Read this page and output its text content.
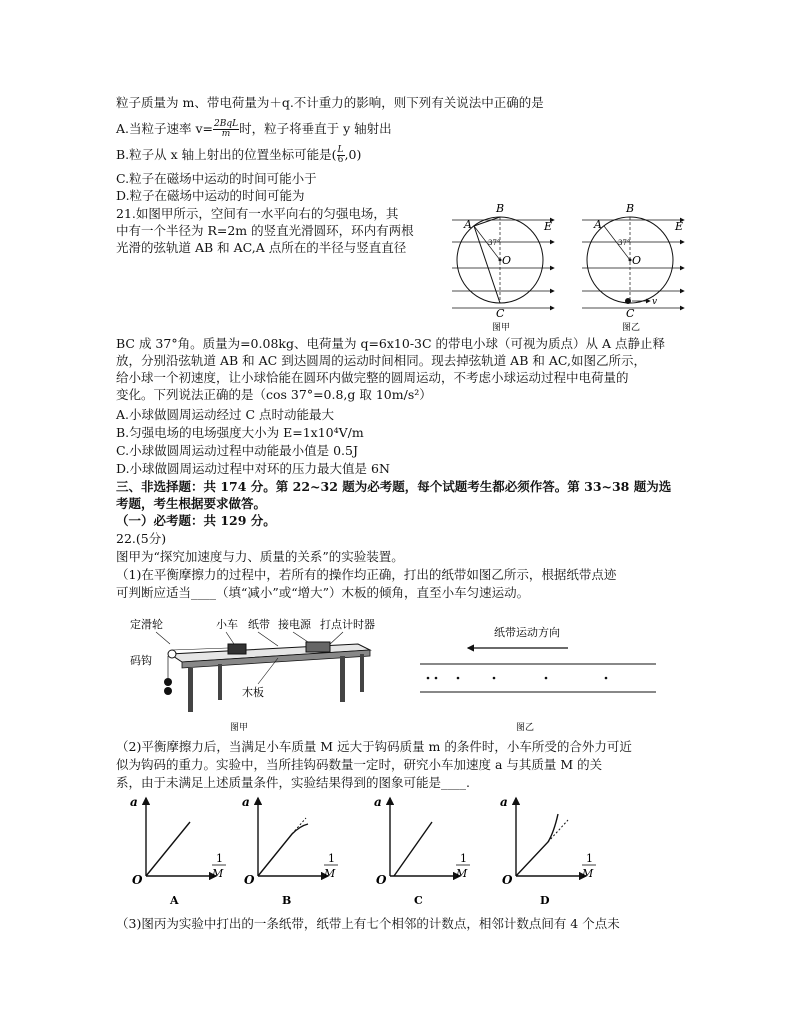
粒子质量为 m、带电荷量为＋q.不计重力的影响，则下列有关说法中正确的是
A.当粒子速率 $v= \frac{\text{2BqL}}{m}$ 时，粒子将垂直于 y 轴射出
B.粒子从 x 轴上射出的位置坐标可能是( $\frac{L}{6} ,0$)
C.粒子在磁场中运动的时间可能小于
D.粒子在磁场中运动的时间可能为
21.如图甲所示，空间有一水平向右的匀强电场，其
中有一个半径为 R=2m 的竖直光滑圆环，环内有两根
光滑的弦轨道 AB 和 AC,A 点所在的半径与竖直直径
A
B
C
E
O
37°
图甲
v
A
B
C
E
O
37°
图乙
BC 成 37°角。质量为=0.08kg、电荷量为 q=6x10-3C 的带电小球（可视为质点）从 A 点静止释
放，分别沿弦轨道 AB 和 AC 到达圆周的运动时间相同。现去掉弦轨道 AB 和 AC,如图乙所示，
给小球一个初速度，让小球恰能在圆环内做完整的圆周运动，不考虑小球运动过程中电荷量的
变化。下列说法正确的是（cos 37°=0.8,g 取 10m/s²）
A.小球做圆周运动经过 C 点时动能最大
B.匀强电场的电场强度大小为 E=1x10⁴V/m
C.小球做圆周运动过程中动能最小值是 0.5J
D.小球做圆周运动过程中对环的压力最大值是 6N
三、非选择题：共 174 分。第 22~32 题为必考题，每个试题考生都必须作答。第 33~38 题为选
考题，考生根据要求做答。
（一）必考题：共 129 分。
22.(5分)
图甲为“探究加速度与力、质量的关系”的实验装置。
（1)在平衡摩擦力的过程中，若所有的操作均正确，打出的纸带如图乙所示，根据纸带点迹
可判断应适当____（填“减小”或“增大”）木板的倾角，直至小车匀速运动。
定滑轮	小车 纸带 接电源 打点计时器
码钩
木板
图甲
纸带运动方向
图乙
（2)平衡摩擦力后，当满足小车质量 M 远大于钩码质量 m 的条件时，小车所受的合外力可近
似为钩码的重力。实验中，当所挂钩码数量一定时，研究小车加速度 a 与其质量 M 的关
系，由于未满足上述质量条件，实验结果得到的图象可能是____.
a
O
1
M
A
a
O
1
M
B
a
O
1
M
C
a
O
1
M
D
（3)图丙为实验中打出的一条纸带，纸带上有七个相邻的计数点，相邻计数点间有 4 个点未
